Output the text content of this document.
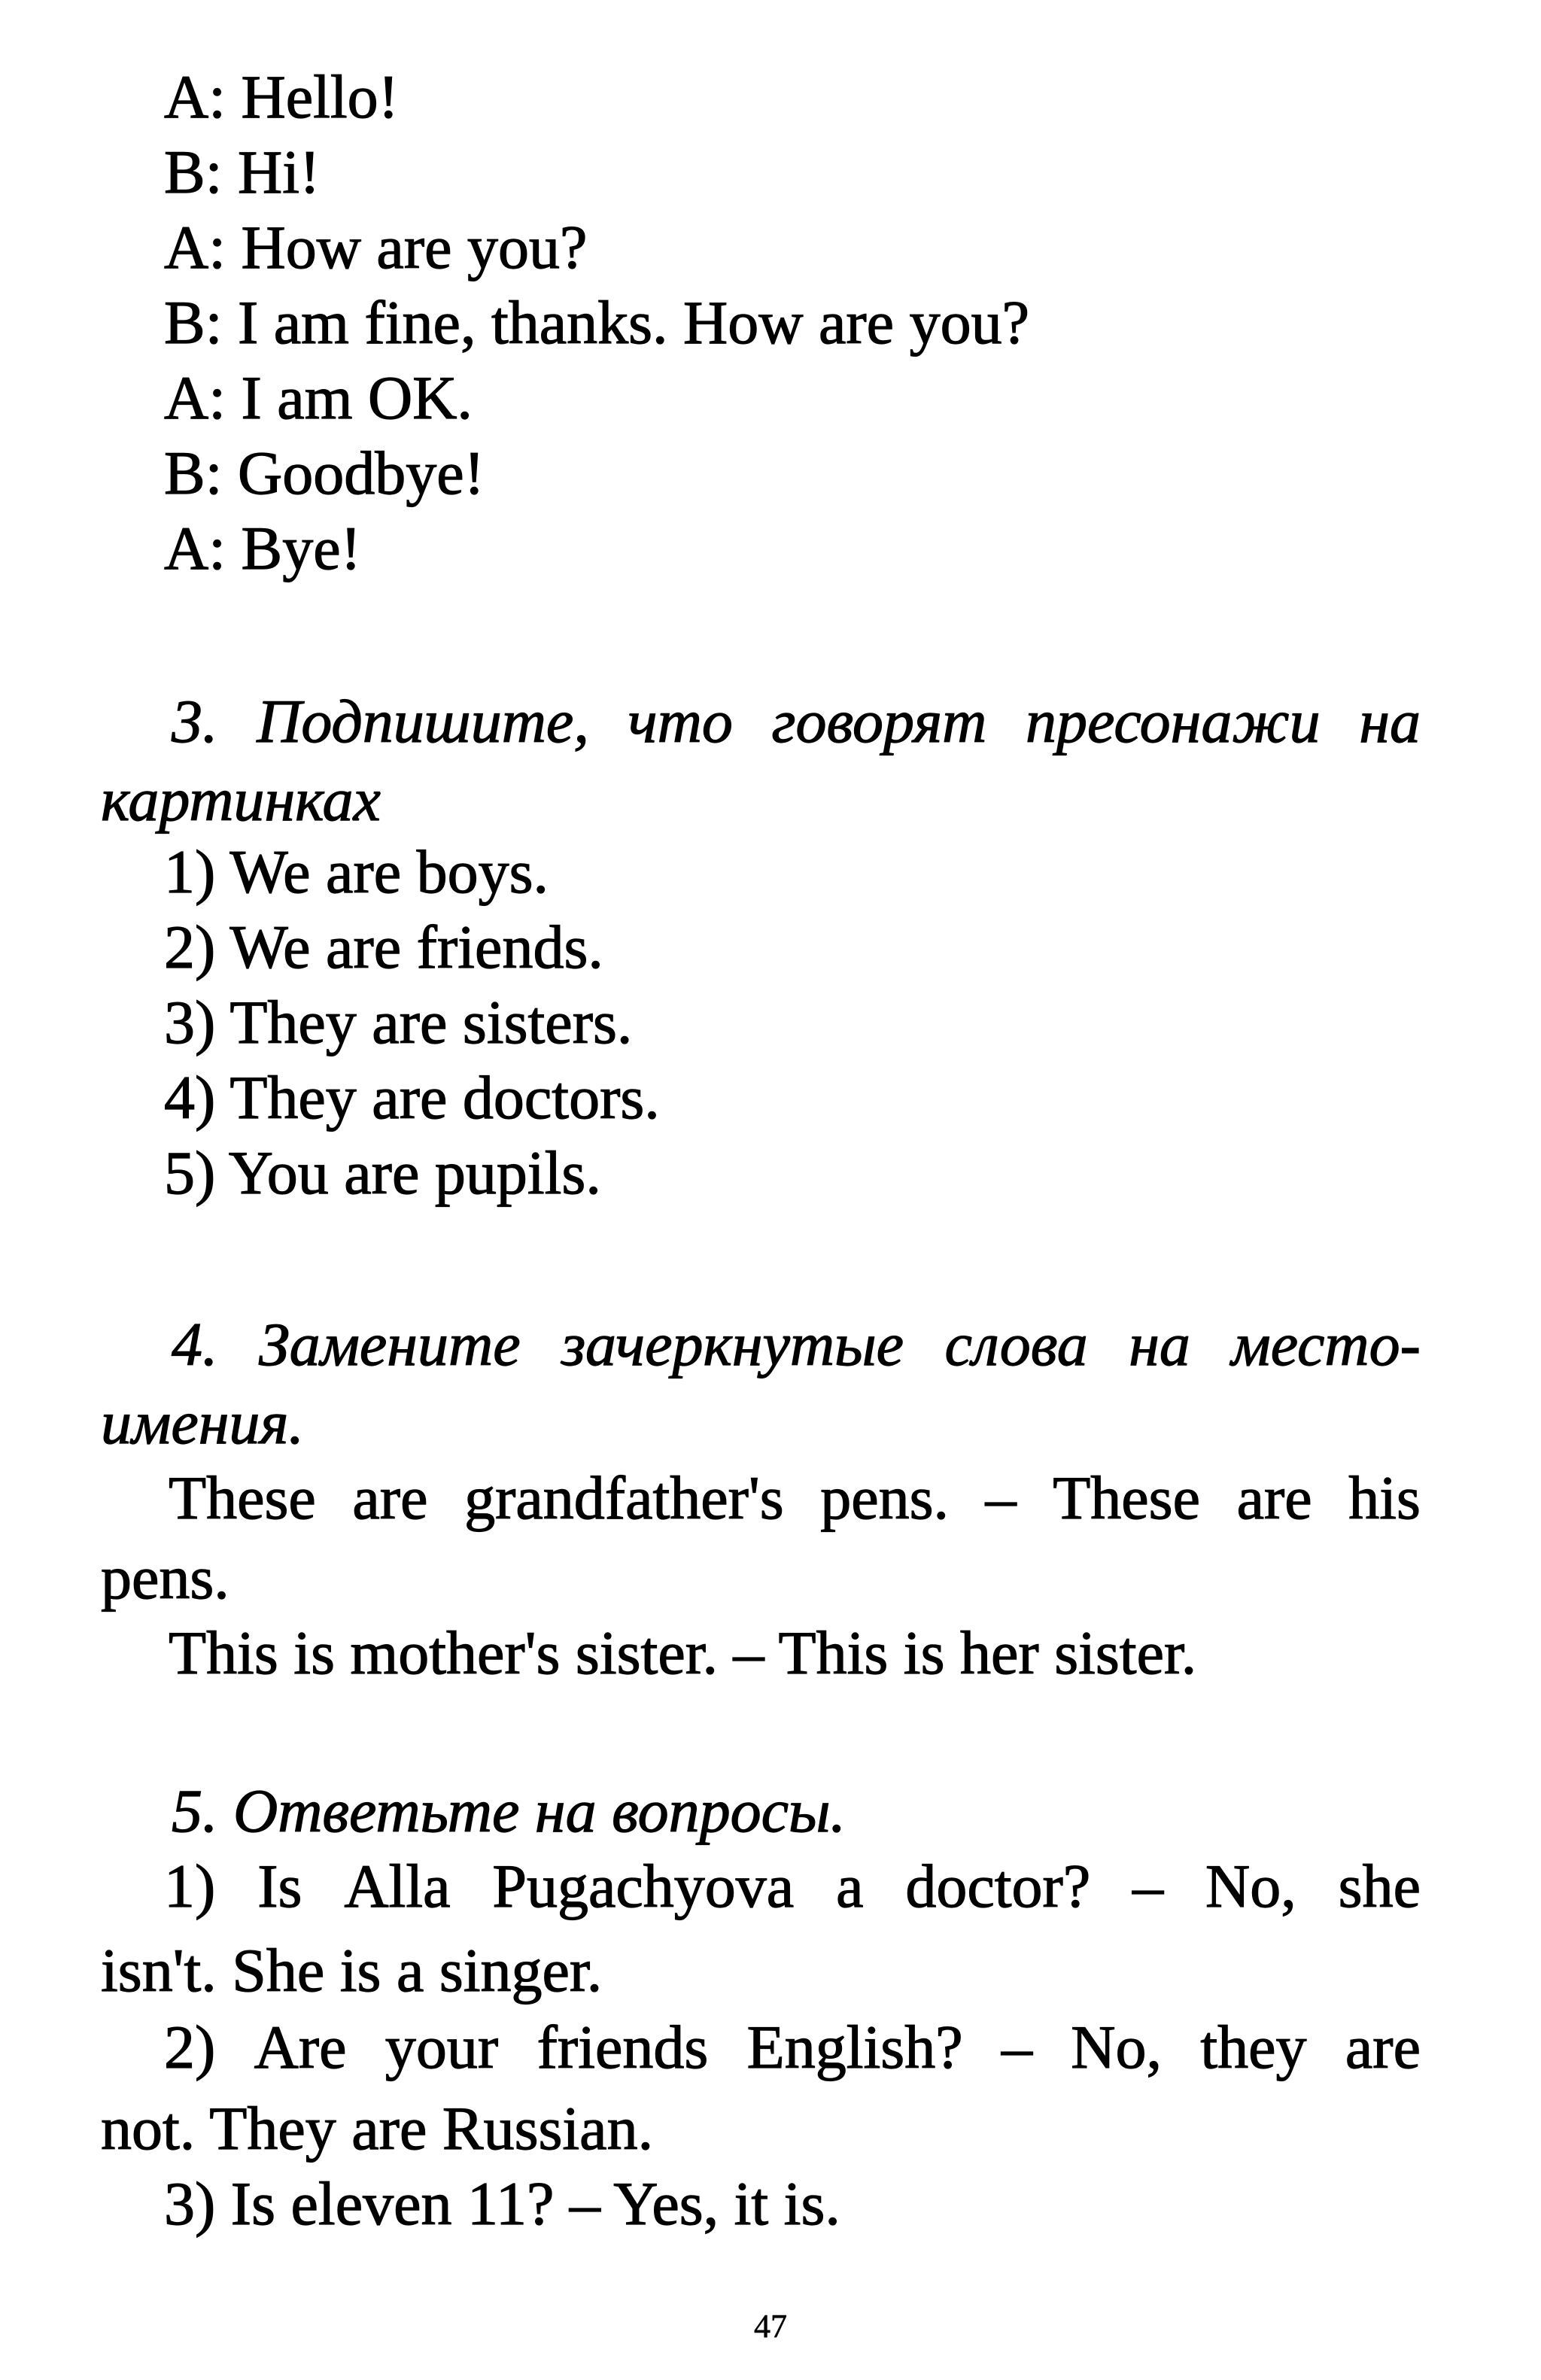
A: Hello!
B: Hi!
A: How are you?
B: I am fine, thanks. How are you?
A: I am OK.
B: Goodbye!
A: Bye!
3. Подпишите, что говорят пресонажи на
картинках
1) We are boys.
2) We are friends.
3) They are sisters.
4) They are doctors.
5) You are pupils.
4. Замените зачеркнутые слова на место-
имения.
These are grandfather's pens. – These are his
pens.
This is mother's sister. – This is her sister.
5. Ответьте на вопросы.
1) Is Alla Pugachyova a doctor? – No, she
isn't. She is a singer.
2) Are your friends English? – No, they are
not. They are Russian.
3) Is eleven 11? – Yes, it is.
47
